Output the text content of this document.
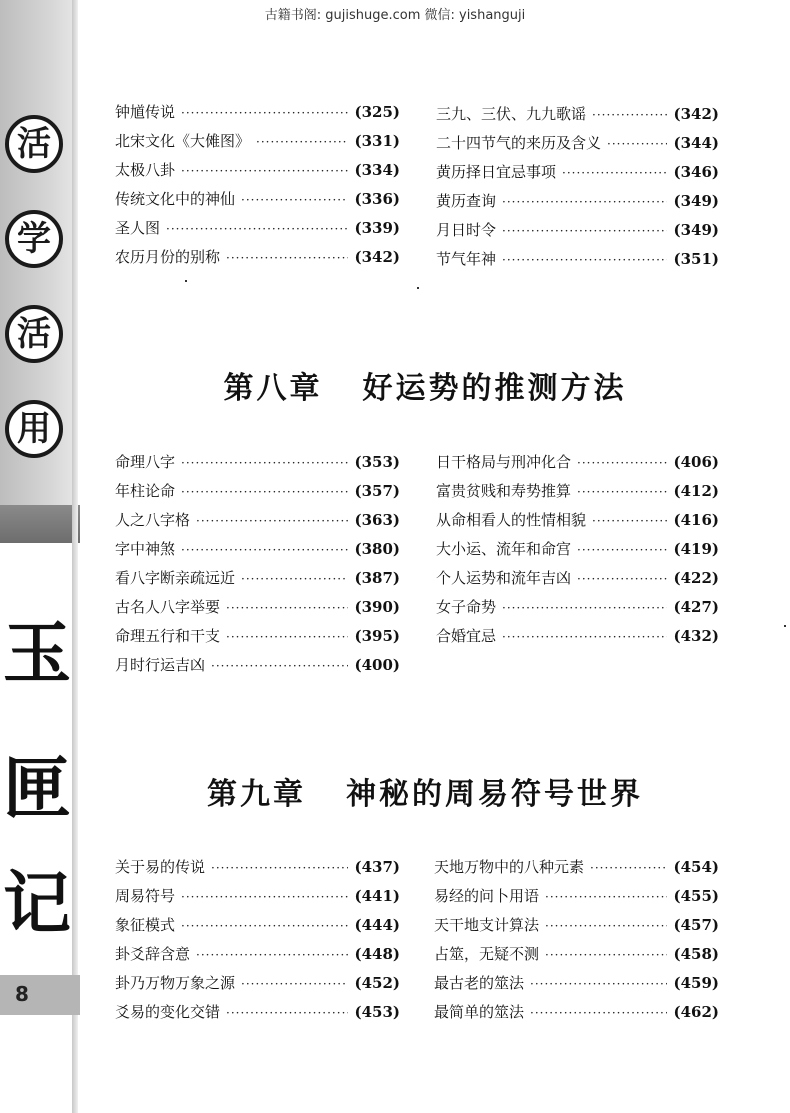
古籍书阁: gujishuge.com 微信: yishanguji
活
学
活
用
玉
匣
记
8
钟馗传说 ·····	(325)
北宋文化《大傩图》 ·····	(331)
太极八卦 ·····	(334)
传统文化中的神仙 ·····	(336)
圣人图 ·····	(339)
农历月份的别称 ·····	(342)
三九、三伏、九九歌谣 ·····	(342)
二十四节气的来历及含义 ·····	(344)
黄历择日宜忌事项 ·····	(346)
黄历查询 ·····	(349)
月日时令 ·····	(349)
节气年神 ·····	(351)
第八章 好运势的推测方法
命理八字 ·····	(353)
年柱论命 ·····	(357)
人之八字格 ·····	(363)
字中神煞 ·····	(380)
看八字断亲疏远近 ·····	(387)
古名人八字举要 ·····	(390)
命理五行和干支 ·····	(395)
月时行运吉凶 ·····	(400)
日干格局与刑冲化合 ·····	(406)
富贵贫贱和寿势推算 ·····	(412)
从命相看人的性情相貌 ·····	(416)
大小运、流年和命宫 ·····	(419)
个人运势和流年吉凶 ·····	(422)
女子命势 ·····	(427)
合婚宜忌 ·····	(432)
第九章 神秘的周易符号世界
关于易的传说 ·····	(437)
周易符号 ·····	(441)
象征模式 ·····	(444)
卦爻辞含意 ·····	(448)
卦乃万物万象之源 ·····	(452)
爻易的变化交错 ·····	(453)
天地万物中的八种元素 ·····	(454)
易经的问卜用语 ·····	(455)
天干地支计算法 ·····	(457)
占筮，无疑不测 ·····	(458)
最古老的筮法 ·····	(459)
最简单的筮法 ·····	(462)
